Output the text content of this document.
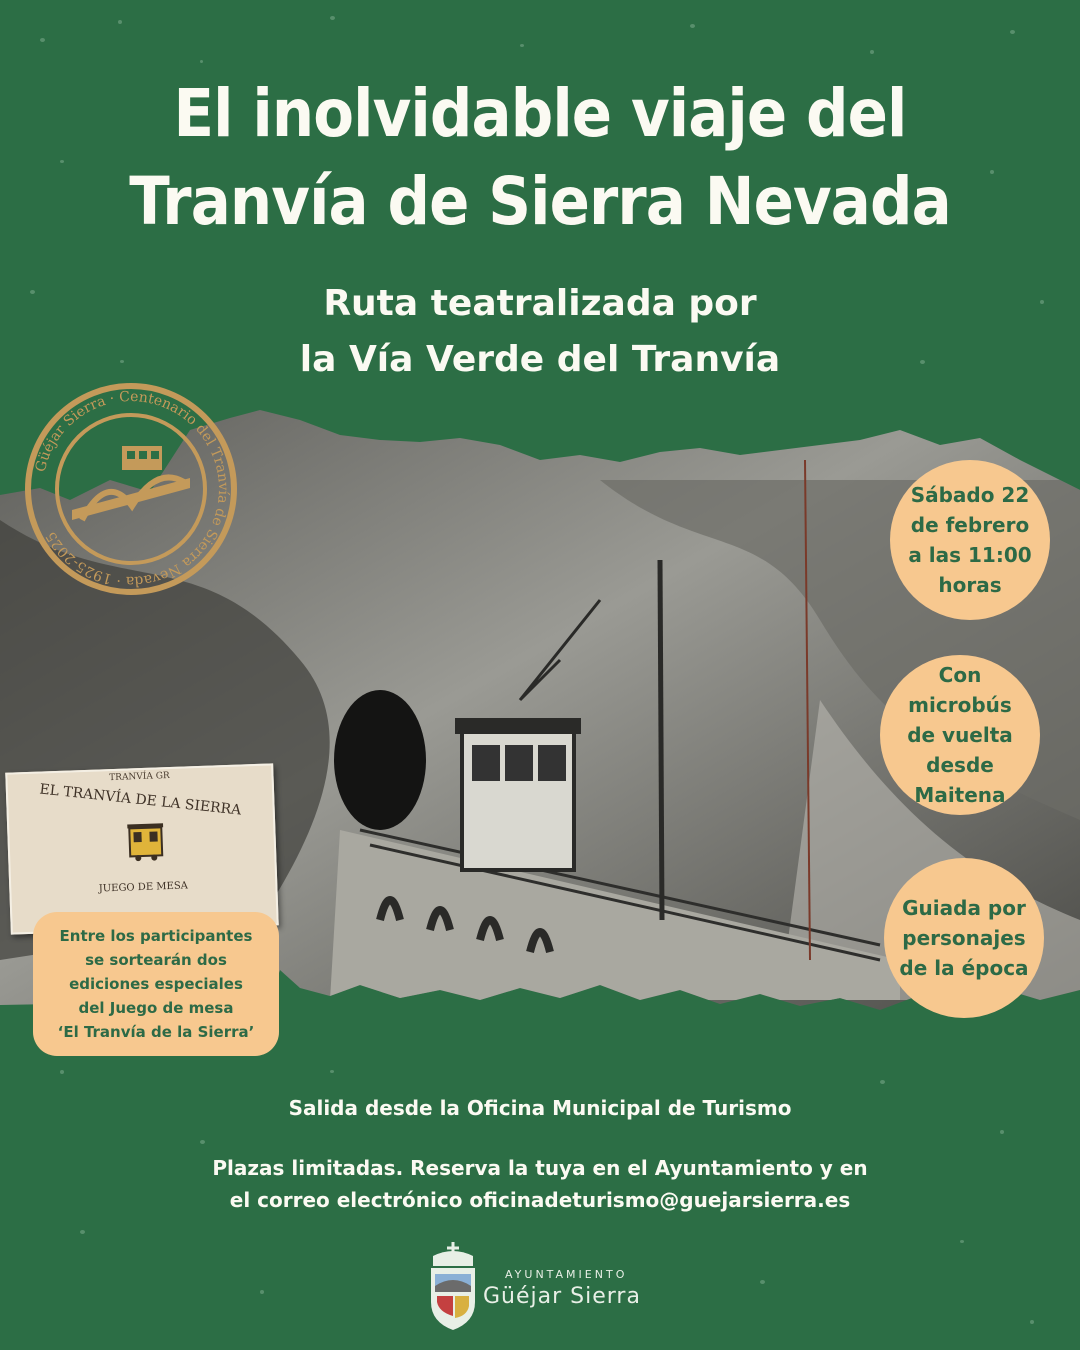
El inolvidable viaje del
Tranvía de Sierra Nevada
Ruta teatralizada por
la Vía Verde del Tranvía
Güéjar Sierra · Centenario del Tranvía de Sierra Nevada · 1925-2025
TRANVÍA GR
EL TRANVÍA DE LA SIERRA
JUEGO DE MESA
Entre los participantes
se sortearán dos
ediciones especiales
del Juego de mesa
‘El Tranvía de la Sierra’
Sábado 22
de febrero
a las 11:00
horas
Con
microbús
de vuelta
desde
Maitena
Guiada por
personajes
de la época
Salida desde la Oficina Municipal de Turismo
Plazas limitadas. Reserva la tuya en el Ayuntamiento y en
el correo electrónico oficinadeturismo@guejarsierra.es
AYUNTAMIENTO
Güéjar Sierra
